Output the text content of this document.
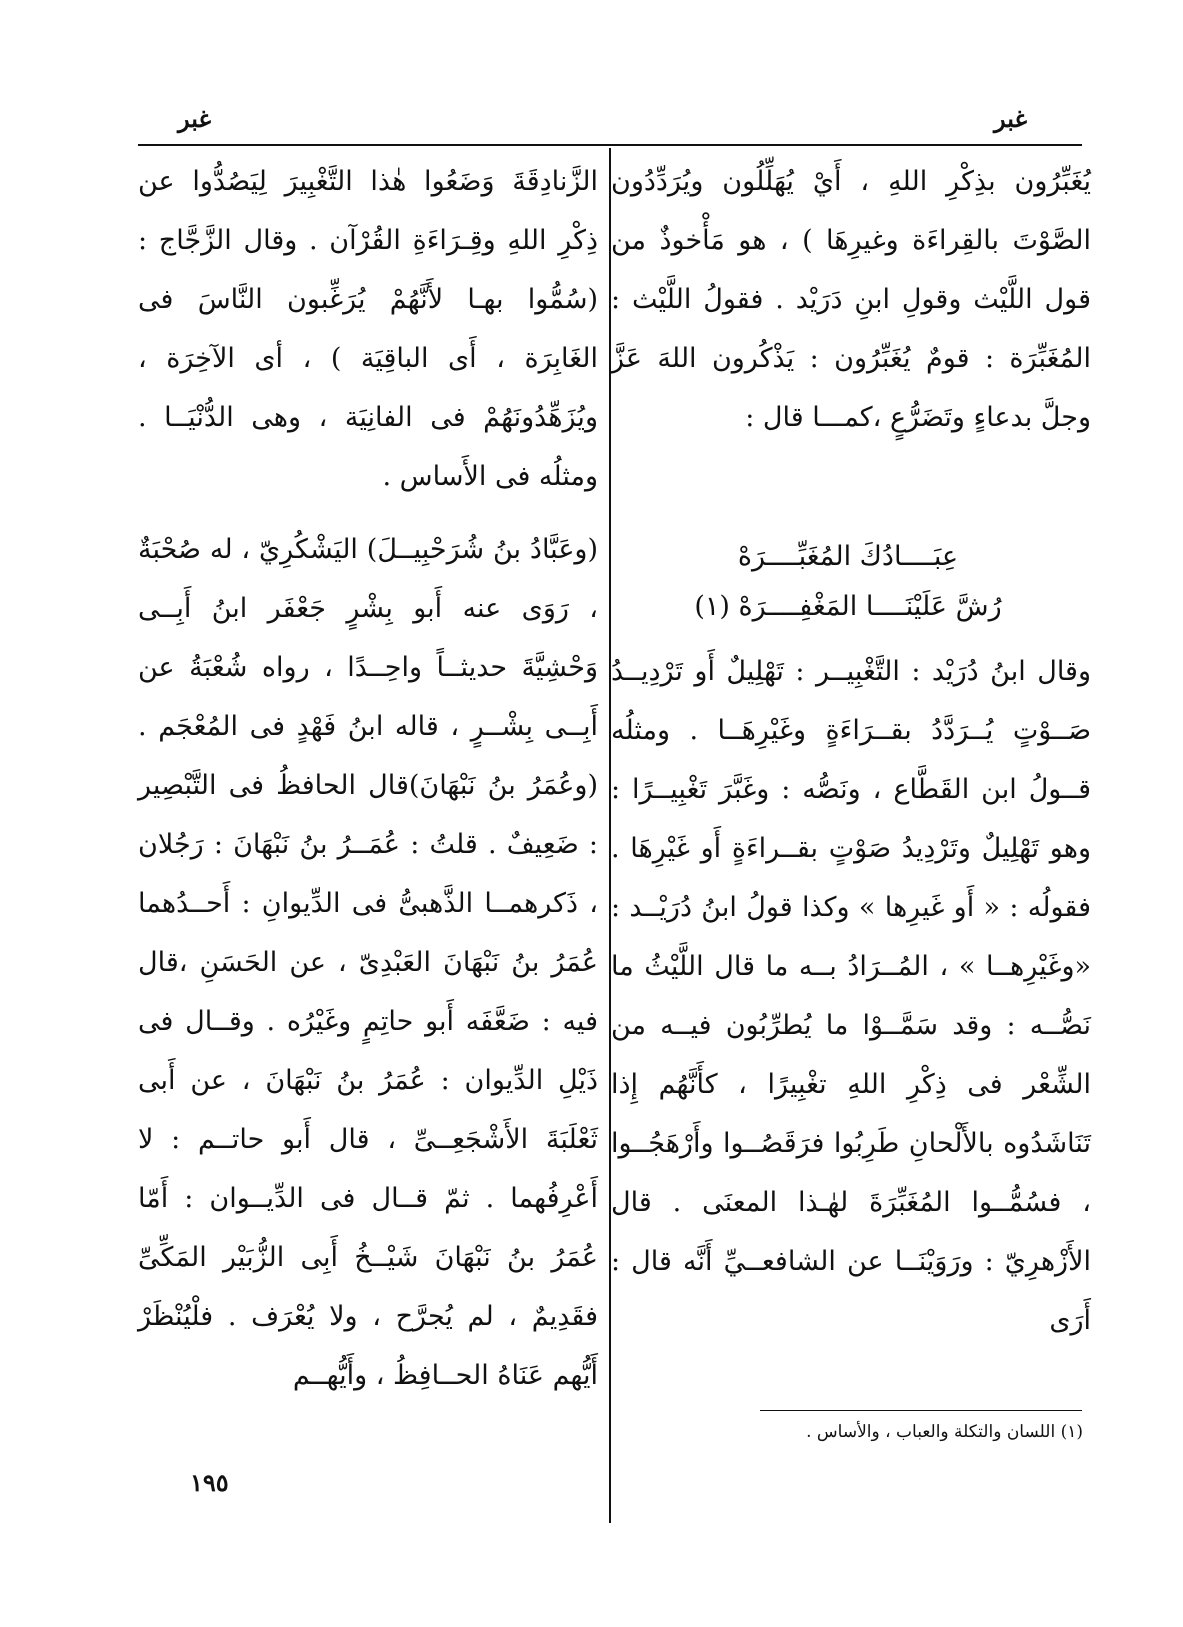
غبر
غبر

يُغَبِّرُون بذِكْرِ اللهِ ، أَيْ يُهَلِّلُون ويُرَدِّدُون الصَّوْتَ بالقِراءَة وغيرِهَا ) ، هو مَأْخوذٌ من قول اللَّيْث وقولِ ابنِ دَرَيْد . فقولُ اللَّيْث : المُغَبِّرَة : قومٌ يُغَبِّرُون : يَذْكُرون اللهَ عَزَّ وجلَّ بدعاءٍ وتَضَرُّعٍ ،كمـــا قال :

عِبَــــادُكَ المُغَبِّــــرَهْ
رُشَّ عَلَيْنَــــا المَغْفِــــرَهْ (١)

وقال ابنُ دُرَيْد : التَّغْبِيــر : تَهْلِيلٌ أَو تَرْدِيــدُ صَــوْتٍ يُــرَدَّدُ بقــرَاءَةٍ وغَيْرِهَــا . ومثلُه قــولُ ابن القَطَّاع ، ونَصُّه : وغَبَّرَ تَغْبِيــرًا : وهو تَهْلِيلٌ وتَرْدِيدُ صَوْتٍ بقــراءَةٍ أَو غَيْرِهَا . فقولُه : « أَو غَيرِها » وكذا قولُ ابنُ دُرَيْــد : «وغَيْرِهــا » ، المُــرَادُ بــه ما قال اللَّيْثُ ما نَصُّــه : وقد سَمَّــوْا ما يُطرِّبُون فيــه من الشِّعْر فى ذِكْرِ اللهِ تغْبِيرًا ، كأَنَّهُم إِذا تَنَاشَدُوه بالأَلْحانِ طَرِبُوا فرَقَصُــوا وأَرْهَجُــوا ، فسُمُّــوا المُغَبِّرَةَ لهٰـذا المعنَى . قال الأَزْهرِيّ : ورَوَيْنَــا عن الشافعــيِّ أَنَّه قال : أَرَى

الزَّنادِقَةَ وَضَعُوا هٰذا التَّغْبِيرَ لِيَصُدُّوا عن ذِكْرِ اللهِ وقِـرَاءَةِ القُرْآن . وقال الزَّجَّاج :(سُمُّوا بهـا لأَنَّهُمْ يُرَغِّبون النَّاسَ فى الغَابِرَة ، أَى الباقِيَة ) ، أى الآخِرَة ، ويُزَهِّدُونَهُمْ فى الفانِيَة ، وهى الدُّنْيَــا . ومثلُه فى الأَساس .

(وعَبَّادُ بنُ شُرَحْبِيــلَ) اليَشْكُرِيّ ، له صُحْبَةٌ ، رَوَى عنه أَبو بِشْرٍ جَعْفَر ابنُ أَبِــى وَحْشِيَّةَ حديثــاً واحِــدًا ، رواه شُعْبَةُ عن أَبِــى بِشْــرٍ ، قاله ابنُ فَهْدٍ فى المُعْجَم .(وعُمَرُ بنُ نَبْهَانَ)قال الحافظُ فى التَّبْصِير : ضَعِيفٌ . قلتُ : عُمَــرُ بنُ نَبْهَانَ : رَجُلان ، ذَكرهمــا الذَّهبىُّ فى الدِّيوانِ : أَحــدُهما عُمَرُ بنُ نَبْهَانَ العَبْدِىّ ، عن الحَسَنِ ،قال فيه : ضَعَّفَه أَبو حاتِمٍ وغَيْرُه . وقــال فى ذَيْلِ الدِّيوان : عُمَرُ بنُ نَبْهَانَ ، عن أَبى ثَعْلَبَةَ الأَشْجَعِــىِّ ، قال أَبو حاتــم : لا أَعْرِفُهما . ثمّ قــال فى الدِّيــوان : أَمّا عُمَرُ بنُ نَبْهَانَ شَيْــخُ أَبِى الزُّبَيْر المَكِّىِّ فقَدِيمٌ ، لم يُجرَّح ، ولا يُعْرَف . فلْيُنْظَرْ أَيُّهم عَنَاهُ الحــافِظُ ، وأَيُّهــم

(١) اللسان والتكلة والعباب ، والأساس .
١٩٥
